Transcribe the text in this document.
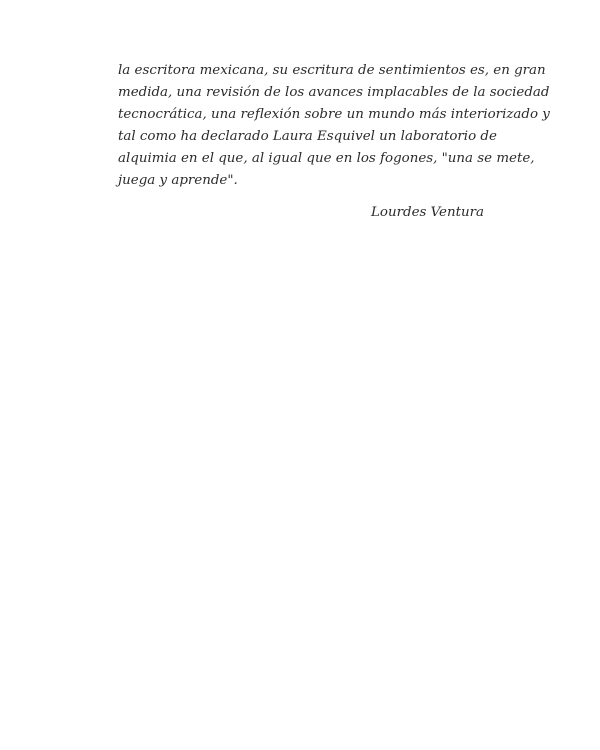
la escritora mexicana, su escritura de sentimientos es, en gran
medida, una revisión de los avances implacables de la sociedad
tecnocrática, una reflexión sobre un mundo más interiorizado y
tal como ha declarado Laura Esquivel un laboratorio de
alquimia en el que, al igual que en los fogones, "una se mete,
juega y aprende".
Lourdes Ventura
